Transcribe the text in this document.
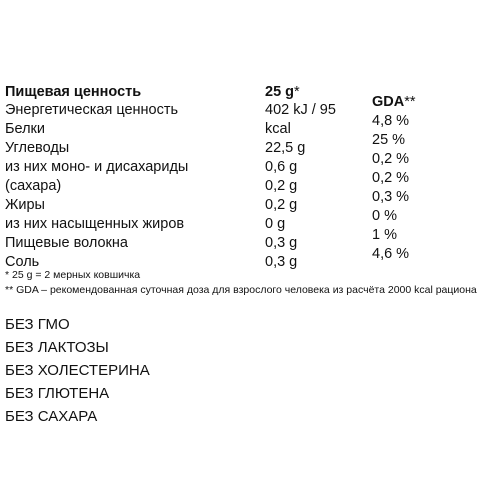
Пищевая ценность	25 g*
GDA**
Энергетическая ценность
Белки
Углеводы
из них моно- и дисахариды
(сахара)
Жиры
из них насыщенных жиров
Пищевые волокна
Соль
402 kJ / 95
kcal
22,5 g
0,6 g
0,2 g
0,2 g
0 g
0,3 g
0,3 g
4,8 %
25 %
0,2 %
0,2 %
0,3 %
0 %
1 %
4,6 %
* 25 g = 2 мерных ковшичка
** GDA – рекомендованная суточная доза для взрослого человека из расчёта 2000 kcal рациона
БЕЗ ГМО
БЕЗ ЛАКТОЗЫ
БЕЗ ХОЛЕСТЕРИНА
БЕЗ ГЛЮТЕНА
БЕЗ САХАРА
